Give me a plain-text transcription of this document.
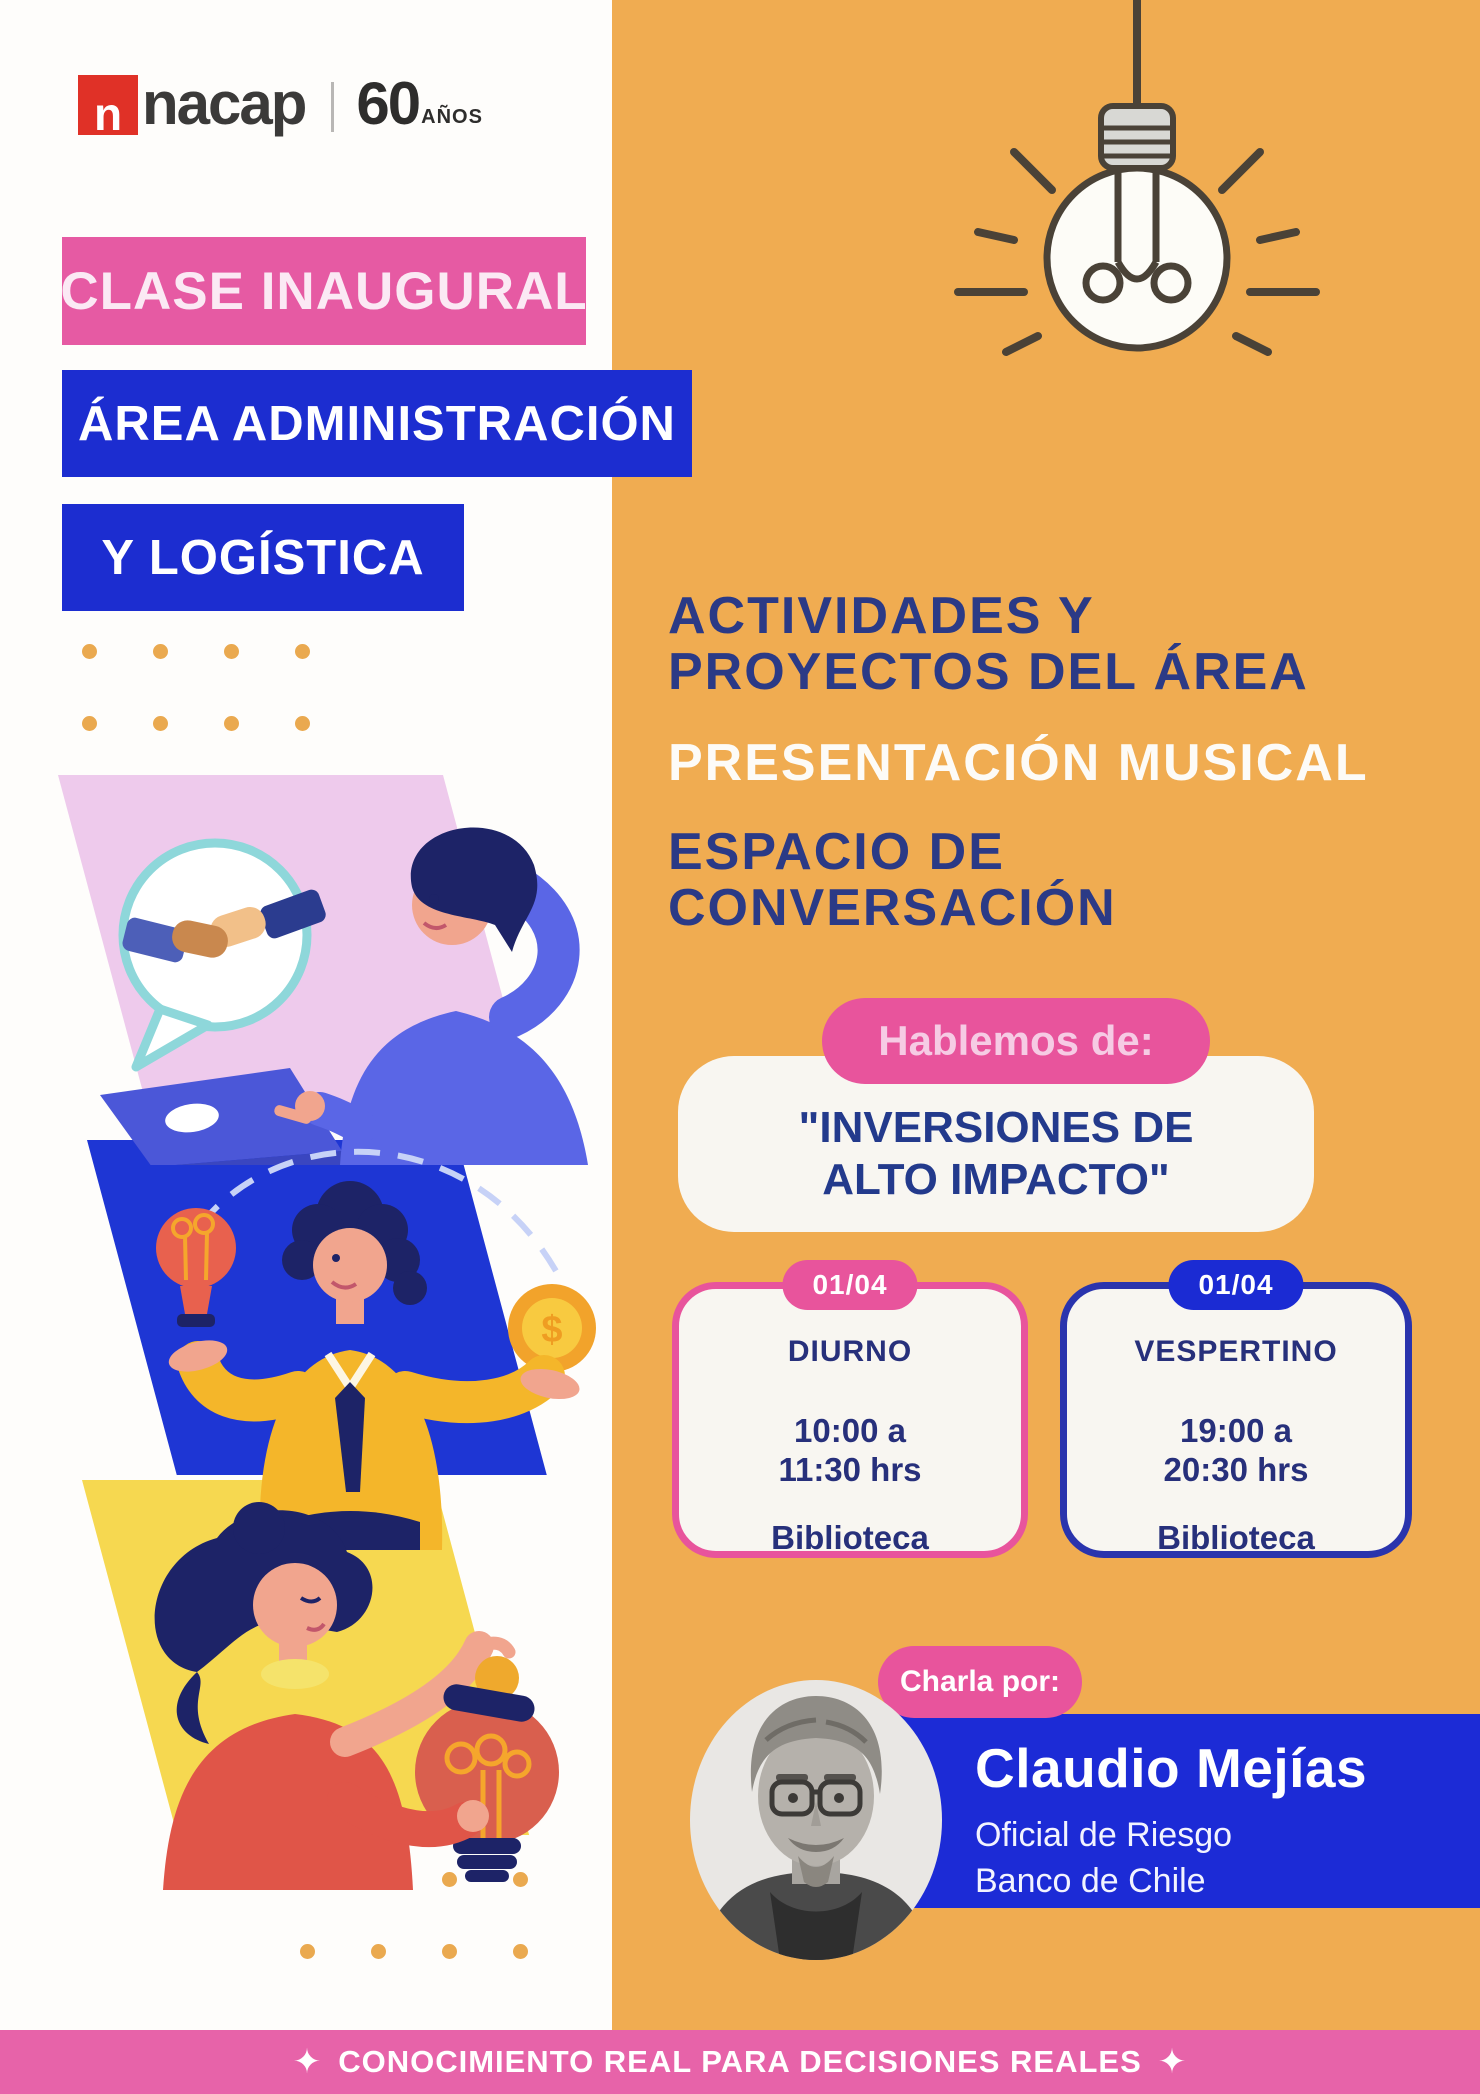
n nacap 60 AÑOS
CLASE INAUGURAL
ÁREA ADMINISTRACIÓN
Y LOGÍSTICA
$
ACTIVIDADES Y
PROYECTOS DEL ÁREA
PRESENTACIÓN MUSICAL
ESPACIO DE
CONVERSACIÓN
"INVERSIONES DE
ALTO IMPACTO"
Hablemos de:
01/04
DIURNO
10:00 a
11:30 hrs
Biblioteca
01/04
VESPERTINO
19:00 a
20:30 hrs
Biblioteca
Claudio Mejías
Oficial de Riesgo
Banco de Chile
Charla por:
✦ CONOCIMIENTO REAL PARA DECISIONES REALES ✦
